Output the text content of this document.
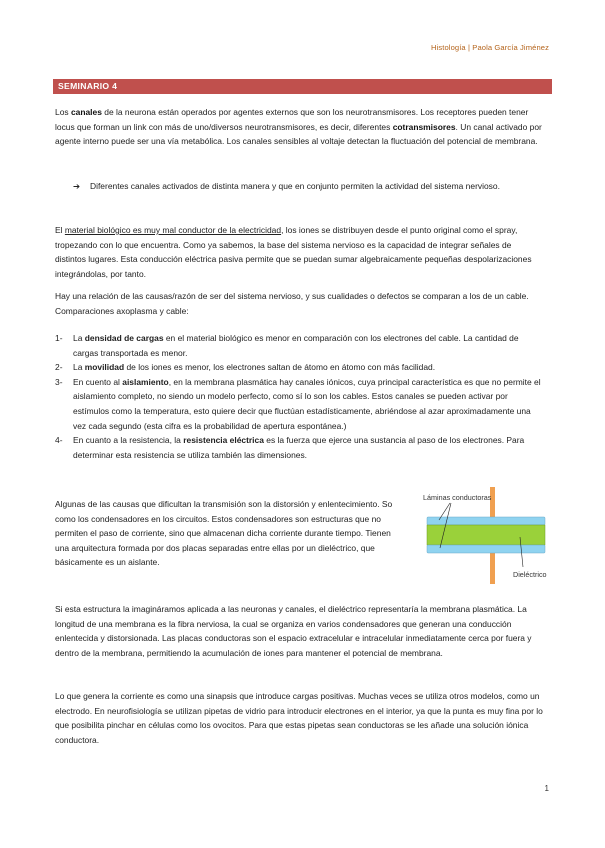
Histología | Paola García Jiménez
SEMINARIO 4
Los canales de la neurona están operados por agentes externos que son los neurotransmisores. Los receptores pueden tener locus que forman un link con más de uno/diversos neurotransmisores, es decir, diferentes cotransmisores. Un canal activado por agente interno puede ser una vía metabólica. Los canales sensibles al voltaje detectan la fluctuación del potencial de membrana.
➔	Diferentes canales activados de distinta manera y que en conjunto permiten la actividad del sistema nervioso.
El material biológico es muy mal conductor de la electricidad, los iones se distribuyen desde el punto original como el spray, tropezando con lo que encuentra. Como ya sabemos, la base del sistema nervioso es la capacidad de integrar señales de distintos lugares. Esta conducción eléctrica pasiva permite que se puedan sumar algebraicamente pequeñas despolarizaciones integrándolas, por tanto.
Hay una relación de las causas/razón de ser del sistema nervioso, y sus cualidades o defectos se comparan a los de un cable. Comparaciones axoplasma y cable:
1- La densidad de cargas en el material biológico es menor en comparación con los electrones del cable. La cantidad de cargas transportada es menor.
2- La movilidad de los iones es menor, los electrones saltan de átomo en átomo con más facilidad.
3- En cuento al aislamiento, en la membrana plasmática hay canales iónicos, cuya principal característica es que no permite el aislamiento completo, no siendo un modelo perfecto, como sí lo son los cables. Estos canales se pueden activar por estímulos como la temperatura, esto quiere decir que fluctúan estadísticamente, abriéndose al azar aproximadamente una vez cada segundo (esta cifra es la probabilidad de apertura espontánea.)
4- En cuanto a la resistencia, la resistencia eléctrica es la fuerza que ejerce una sustancia al paso de los electrones. Para determinar esta resistencia se utiliza también las dimensiones.
Algunas de las causas que dificultan la transmisión son la distorsión y enlentecimiento. So como los condensadores en los circuitos. Estos condensadores son estructuras que no permiten el paso de corriente, sino que almacenan dicha corriente durante tiempo. Tienen una arquitectura formada por dos placas separadas entre ellas por un dieléctrico, que básicamente es un aislante.
Láminas conductoras
Dieléctrico
Si esta estructura la imagináramos aplicada a las neuronas y canales, el dieléctrico representaría la membrana plasmática. La longitud de una membrana es la fibra nerviosa, la cual se organiza en varios condensadores que generan una conducción enlentecida y distorsionada. Las placas conductoras son el espacio extracelular e intracelular inmediatamente cerca por fuera y dentro de la membrana, permitiendo la acumulación de iones para mantener el potencial de membrana.
Lo que genera la corriente es como una sinapsis que introduce cargas positivas. Muchas veces se utiliza otros modelos, como un electrodo. En neurofisiología se utilizan pipetas de vidrio para introducir electrones en el interior, ya que la punta es muy fina por lo que posibilita pinchar en células como los ovocitos. Para que estas pipetas sean conductoras se les añade una solución iónica conductora.
1
